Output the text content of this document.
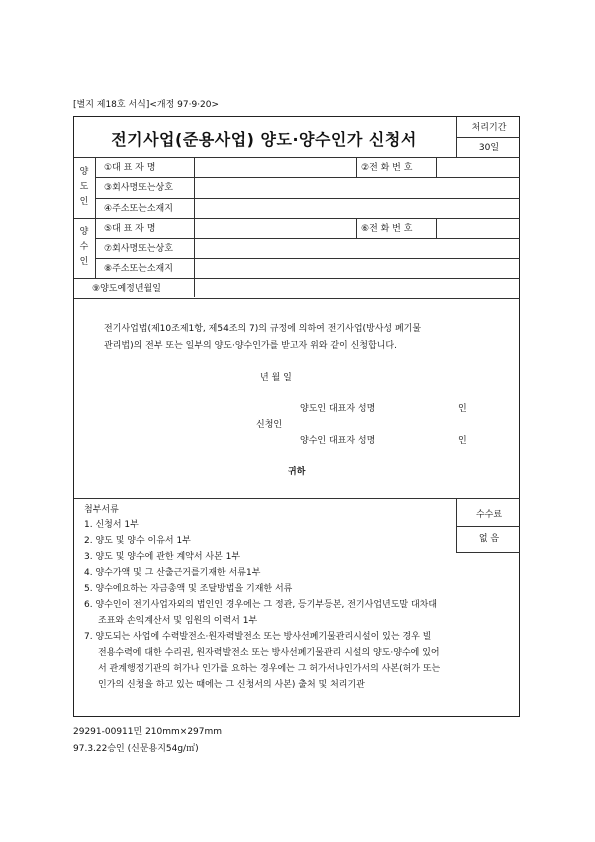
[별지 제18호 서식]<개정 97·9·20>
전기사업(준용사업) 양도·양수인가 신청서
처리기간
30일
양
도
인
①대 표 자 명	②전 화 번 호
③회사명또는상호
④주소또는소재지
양
수
인
⑤대 표 자 명	⑥전 화 번 호
⑦회사명또는상호
⑧주소또는소재지
⑨양도예정년월일
전기사업법(제10조제1항, 제54조의 7)의 규정에 의하여 전기사업(방사성 폐기물
관리법)의 전부 또는 일부의 양도·양수인가를 받고자 위와 같이 신청합니다.
년 월 일
양도인 대표자 성명	인
신청인
양수인 대표자 성명	인
귀하
첨부서류
1. 신청서 1부
2. 양도 및 양수 이유서 1부
3. 양도 및 양수에 관한 계약서 사본 1부
4. 양수가액 및 그 산출근거를기재한 서류1부
5. 양수에요하는 자금총액 및 조달방법을 기재한 서류
6. 양수인이 전기사업자외의 법인인 경우에는 그 정관, 등기부등본, 전기사업년도말 대차대
조표와 손익계산서 및 임원의 이력서 1부
7. 양도되는 사업에 수력발전소·원자력발전소 또는 방사선폐기물관리시설이 있는 경우 빌
전용수력에 대한 수리권, 원자력발전소 또는 방사선폐기물관리 시설의 양도·양수에 있어
서 관계행정기관의 허가나 인가를 요하는 경우에는 그 허가서나인가서의 사본(허가 또는
인가의 신청을 하고 있는 때에는 그 신청서의 사본) 출처 및 처리기관
수수료
없 음
29291-00911민 210mm×297mm
97.3.22승인 (신문용지54g/㎡)
